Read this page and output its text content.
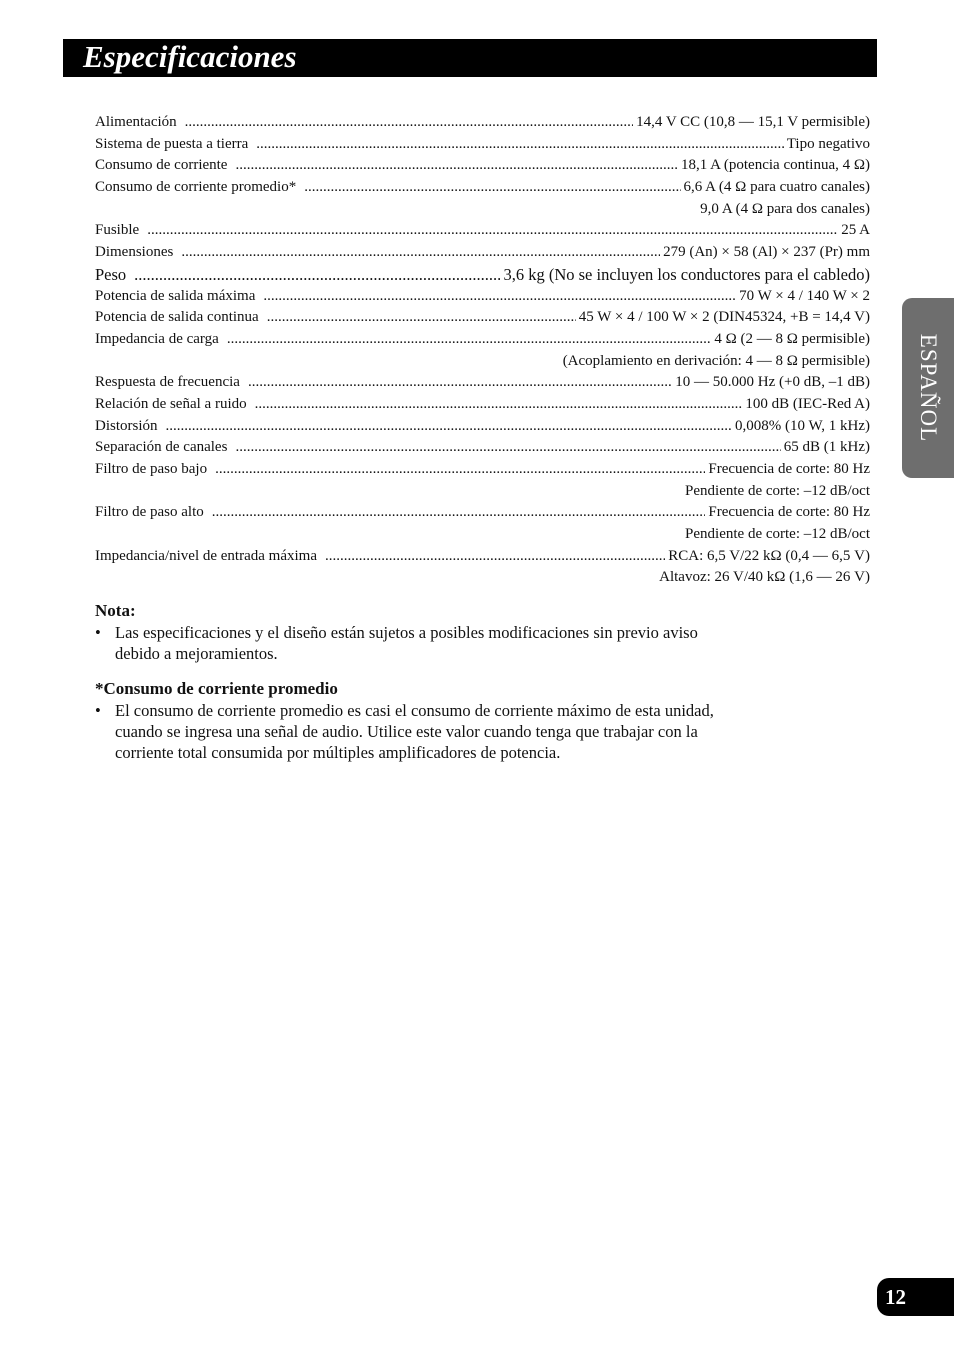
Especificaciones
ESPAÑOL
Alimentación .....	14,4 V CC (10,8 — 15,1 V permisible)
Sistema de puesta a tierra .....	Tipo negativo
Consumo de corriente .....	18,1 A (potencia continua, 4 Ω)
Consumo de corriente promedio* .....	6,6 A (4 Ω para cuatro canales)
9,0 A (4 Ω para dos canales)
Fusible .....	25 A
Dimensiones .....	279 (An) × 58 (Al) × 237 (Pr) mm
Peso .....	3,6 kg (No se incluyen los conductores para el cabledo)
Potencia de salida máxima .....	70 W × 4 / 140 W × 2
Potencia de salida continua .....	45 W × 4 / 100 W × 2 (DIN45324, +B = 14,4 V)
Impedancia de carga .....	4 Ω (2 — 8 Ω permisible)
(Acoplamiento en derivación: 4 — 8 Ω permisible)
Respuesta de frecuencia .....	10 — 50.000 Hz (+0 dB, –1 dB)
Relación de señal a ruido .....	100 dB (IEC-Red A)
Distorsión .....	0,008% (10 W, 1 kHz)
Separación de canales .....	65 dB (1 kHz)
Filtro de paso bajo .....	Frecuencia de corte: 80 Hz
Pendiente de corte: –12 dB/oct
Filtro de paso alto .....	Frecuencia de corte: 80 Hz
Pendiente de corte: –12 dB/oct
Impedancia/nivel de entrada máxima .....	RCA: 6,5 V/22 kΩ (0,4 — 6,5 V)
Altavoz: 26 V/40 kΩ (1,6 — 26 V)
Nota:
• Las especificaciones y el diseño están sujetos a posibles modificaciones sin previo aviso debido a mejoramientos.
*Consumo de corriente promedio
• El consumo de corriente promedio es casi el consumo de corriente máximo de esta unidad, cuando se ingresa una señal de audio. Utilice este valor cuando tenga que trabajar con la corriente total consumida por múltiples amplificadores de potencia.
12
